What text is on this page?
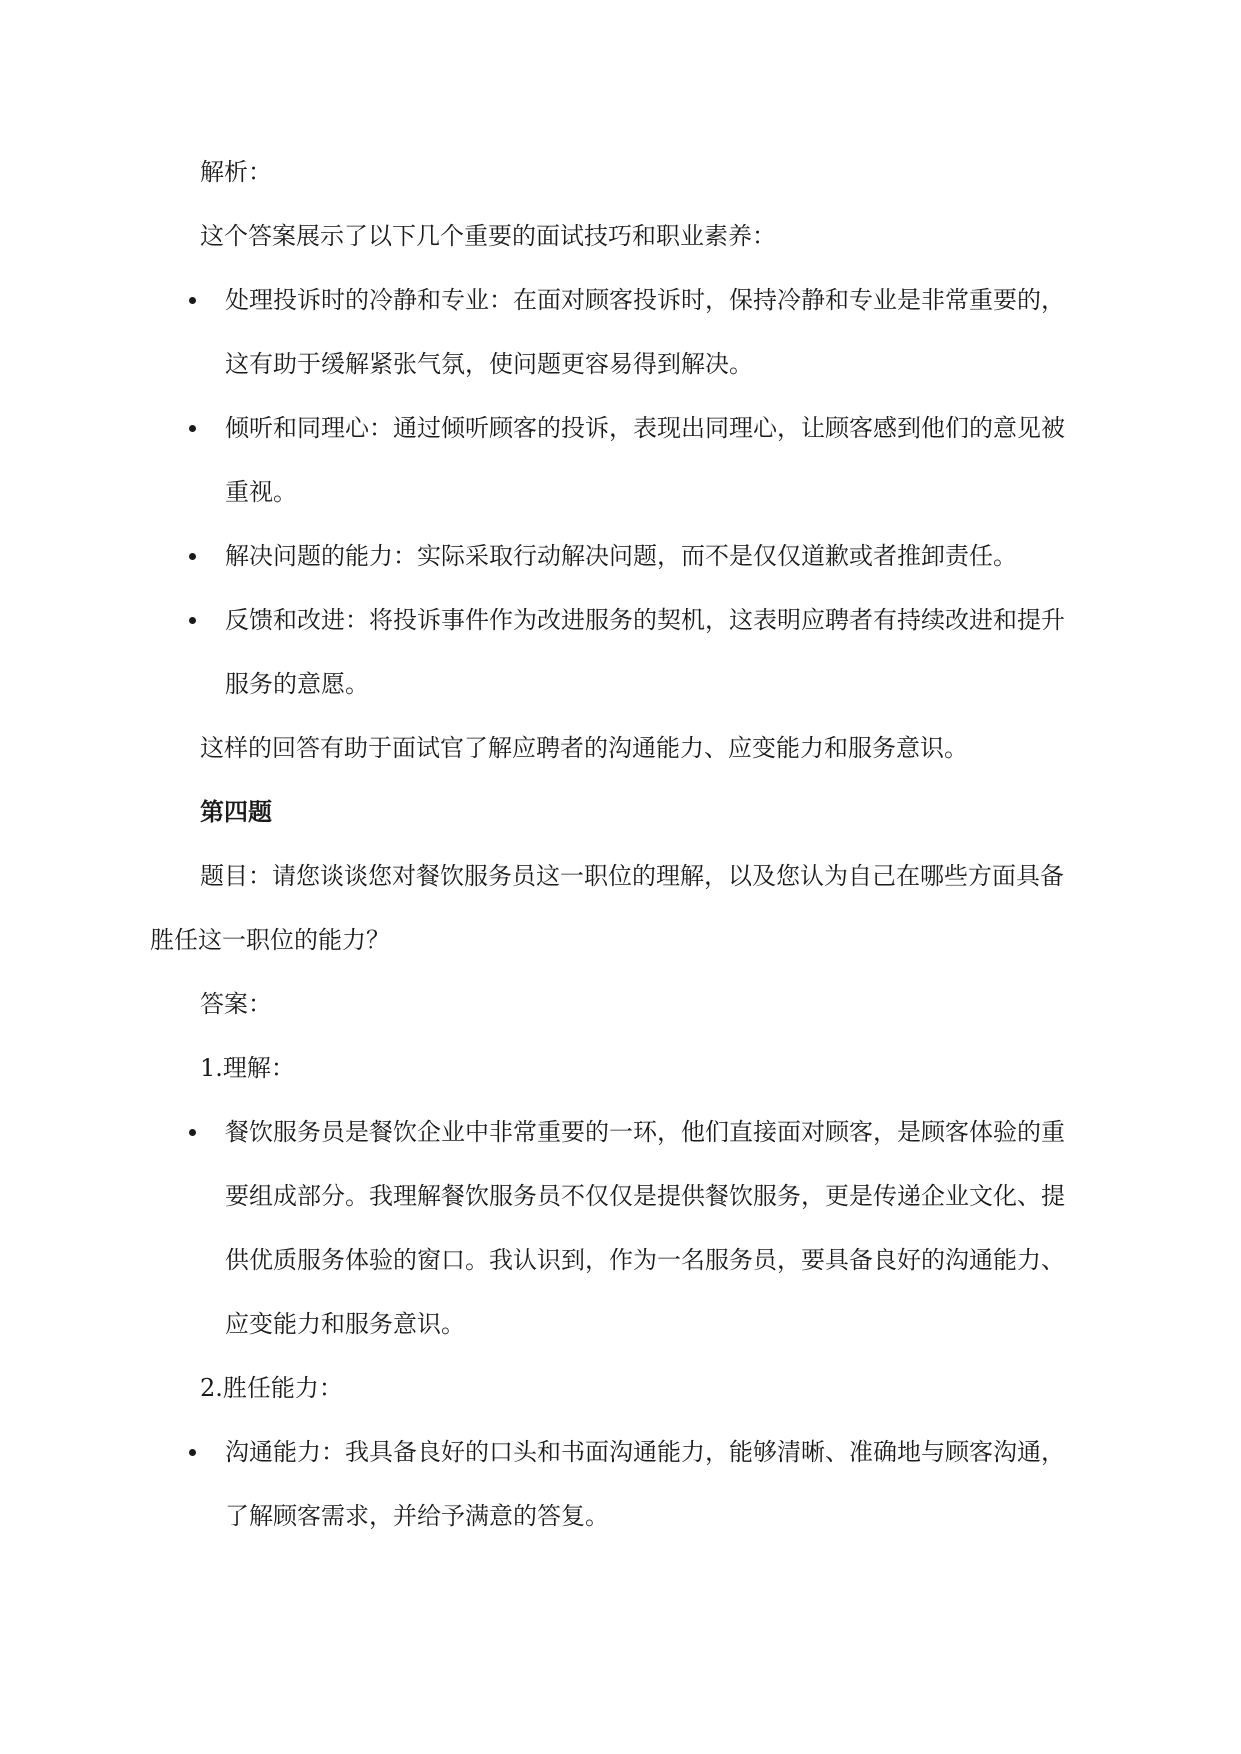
解析：
这个答案展示了以下几个重要的面试技巧和职业素养：
处理投诉时的冷静和专业：在面对顾客投诉时，保持冷静和专业是非常重要的，
这有助于缓解紧张气氛，使问题更容易得到解决。
倾听和同理心：通过倾听顾客的投诉，表现出同理心，让顾客感到他们的意见被
重视。
解决问题的能力：实际采取行动解决问题，而不是仅仅道歉或者推卸责任。
反馈和改进：将投诉事件作为改进服务的契机，这表明应聘者有持续改进和提升
服务的意愿。
这样的回答有助于面试官了解应聘者的沟通能力、应变能力和服务意识。
第四题
题目：请您谈谈您对餐饮服务员这一职位的理解，以及您认为自己在哪些方面具备
胜任这一职位的能力？
答案：
1.理解：
餐饮服务员是餐饮企业中非常重要的一环，他们直接面对顾客，是顾客体验的重
要组成部分。我理解餐饮服务员不仅仅是提供餐饮服务，更是传递企业文化、提
供优质服务体验的窗口。我认识到，作为一名服务员，要具备良好的沟通能力、
应变能力和服务意识。
2.胜任能力：
沟通能力：我具备良好的口头和书面沟通能力，能够清晰、准确地与顾客沟通，
了解顾客需求，并给予满意的答复。
